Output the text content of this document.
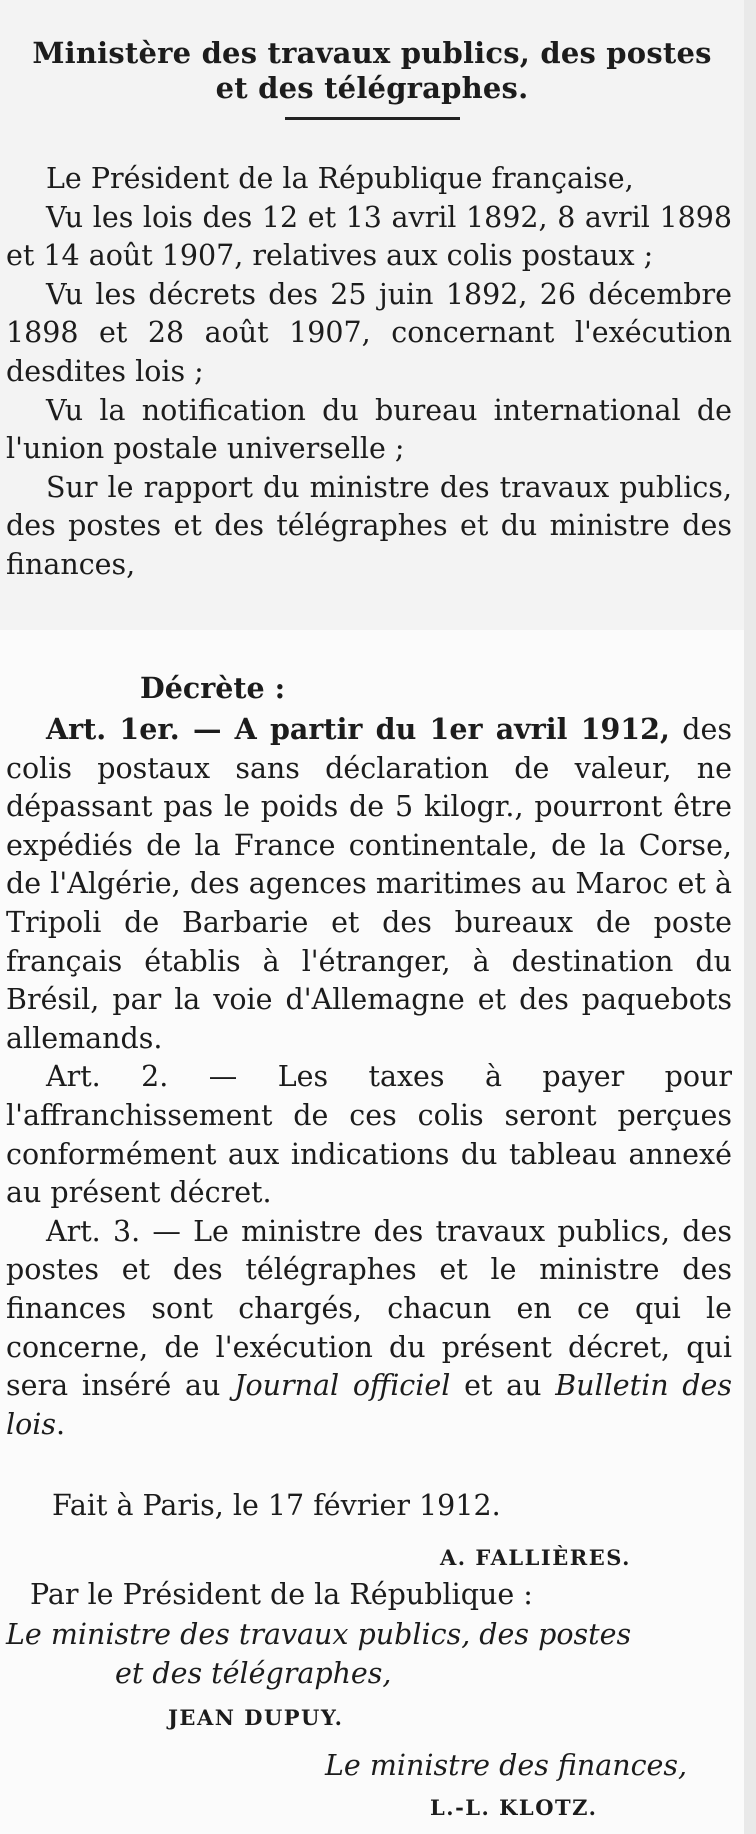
Ministère des travaux publics, des postes
et des télégraphes.

Le Président de la République française,

Vu les lois des 12 et 13 avril 1892, 8 avril 1898 et 14 août 1907, relatives aux colis postaux ;

Vu les décrets des 25 juin 1892, 26 décembre 1898 et 28 août 1907, concernant l'exécution desdites lois ;

Vu la notification du bureau international de l'union postale universelle ;

Sur le rapport du ministre des travaux publics, des postes et des télégraphes et du ministre des finances,

Décrète :

Art. 1er. — A partir du 1er avril 1912, des colis postaux sans déclaration de valeur, ne dépassant pas le poids de 5 kilogr., pourront être expédiés de la France continentale, de la Corse, de l'Algérie, des agences maritimes au Maroc et à Tripoli de Barbarie et des bureaux de poste français établis à l'étranger, à destination du Brésil, par la voie d'Allemagne et des paquebots allemands.

Art. 2. — Les taxes à payer pour l'affranchissement de ces colis seront perçues conformément aux indications du tableau annexé au présent décret.

Art. 3. — Le ministre des travaux publics, des postes et des télégraphes et le ministre des finances sont chargés, chacun en ce qui le concerne, de l'exécution du présent décret, qui sera inséré au Journal officiel et au Bulletin des lois.

Fait à Paris, le 17 février 1912.
A. FALLIÈRES.
Par le Président de la République :
Le ministre des travaux publics, des postes
et des télégraphes,
JEAN DUPUY.
Le ministre des finances,
L.-L. KLOTZ.
